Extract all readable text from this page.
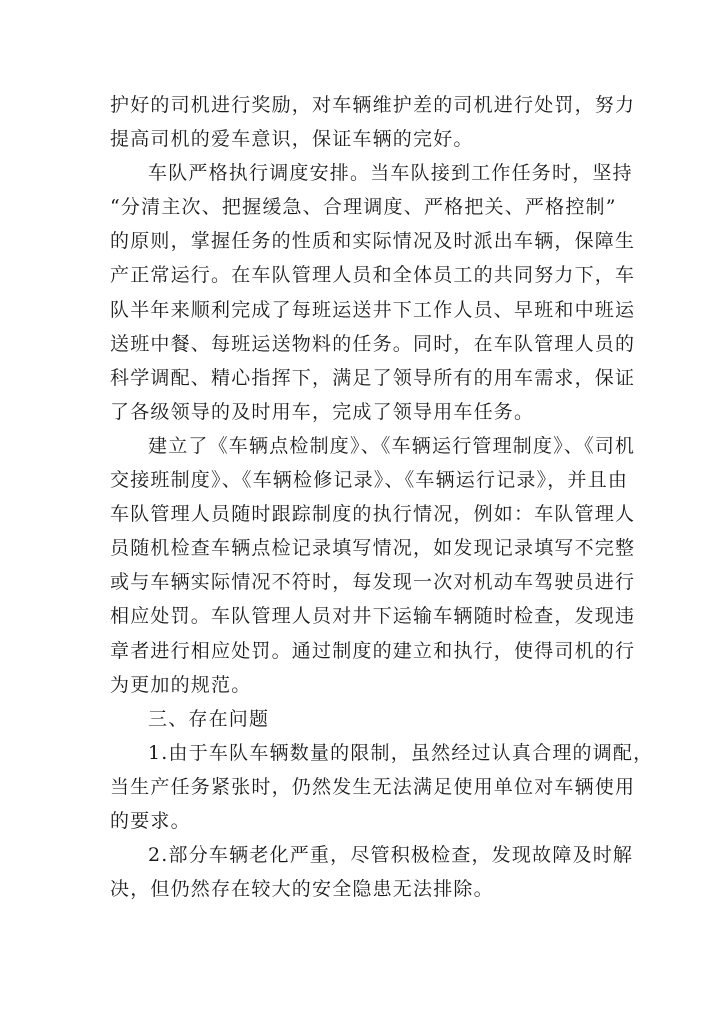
护好的司机进行奖励，对车辆维护差的司机进行处罚，努力
提高司机的爱车意识，保证车辆的完好。
车队严格执行调度安排。当车队接到工作任务时，坚持
“分清主次、把握缓急、合理调度、严格把关、严格控制”
的原则，掌握任务的性质和实际情况及时派出车辆，保障生
产正常运行。在车队管理人员和全体员工的共同努力下，车
队半年来顺利完成了每班运送井下工作人员、早班和中班运
送班中餐、每班运送物料的任务。同时，在车队管理人员的
科学调配、精心指挥下，满足了领导所有的用车需求，保证
了各级领导的及时用车，完成了领导用车任务。
建立了《车辆点检制度》、《车辆运行管理制度》、《司机
交接班制度》、《车辆检修记录》、《车辆运行记录》，并且由
车队管理人员随时跟踪制度的执行情况，例如：车队管理人
员随机检查车辆点检记录填写情况，如发现记录填写不完整
或与车辆实际情况不符时，每发现一次对机动车驾驶员进行
相应处罚。车队管理人员对井下运输车辆随时检查，发现违
章者进行相应处罚。通过制度的建立和执行，使得司机的行
为更加的规范。
三、存在问题
1.由于车队车辆数量的限制，虽然经过认真合理的调配，
当生产任务紧张时，仍然发生无法满足使用单位对车辆使用
的要求。
2.部分车辆老化严重，尽管积极检查，发现故障及时解
决，但仍然存在较大的安全隐患无法排除。
